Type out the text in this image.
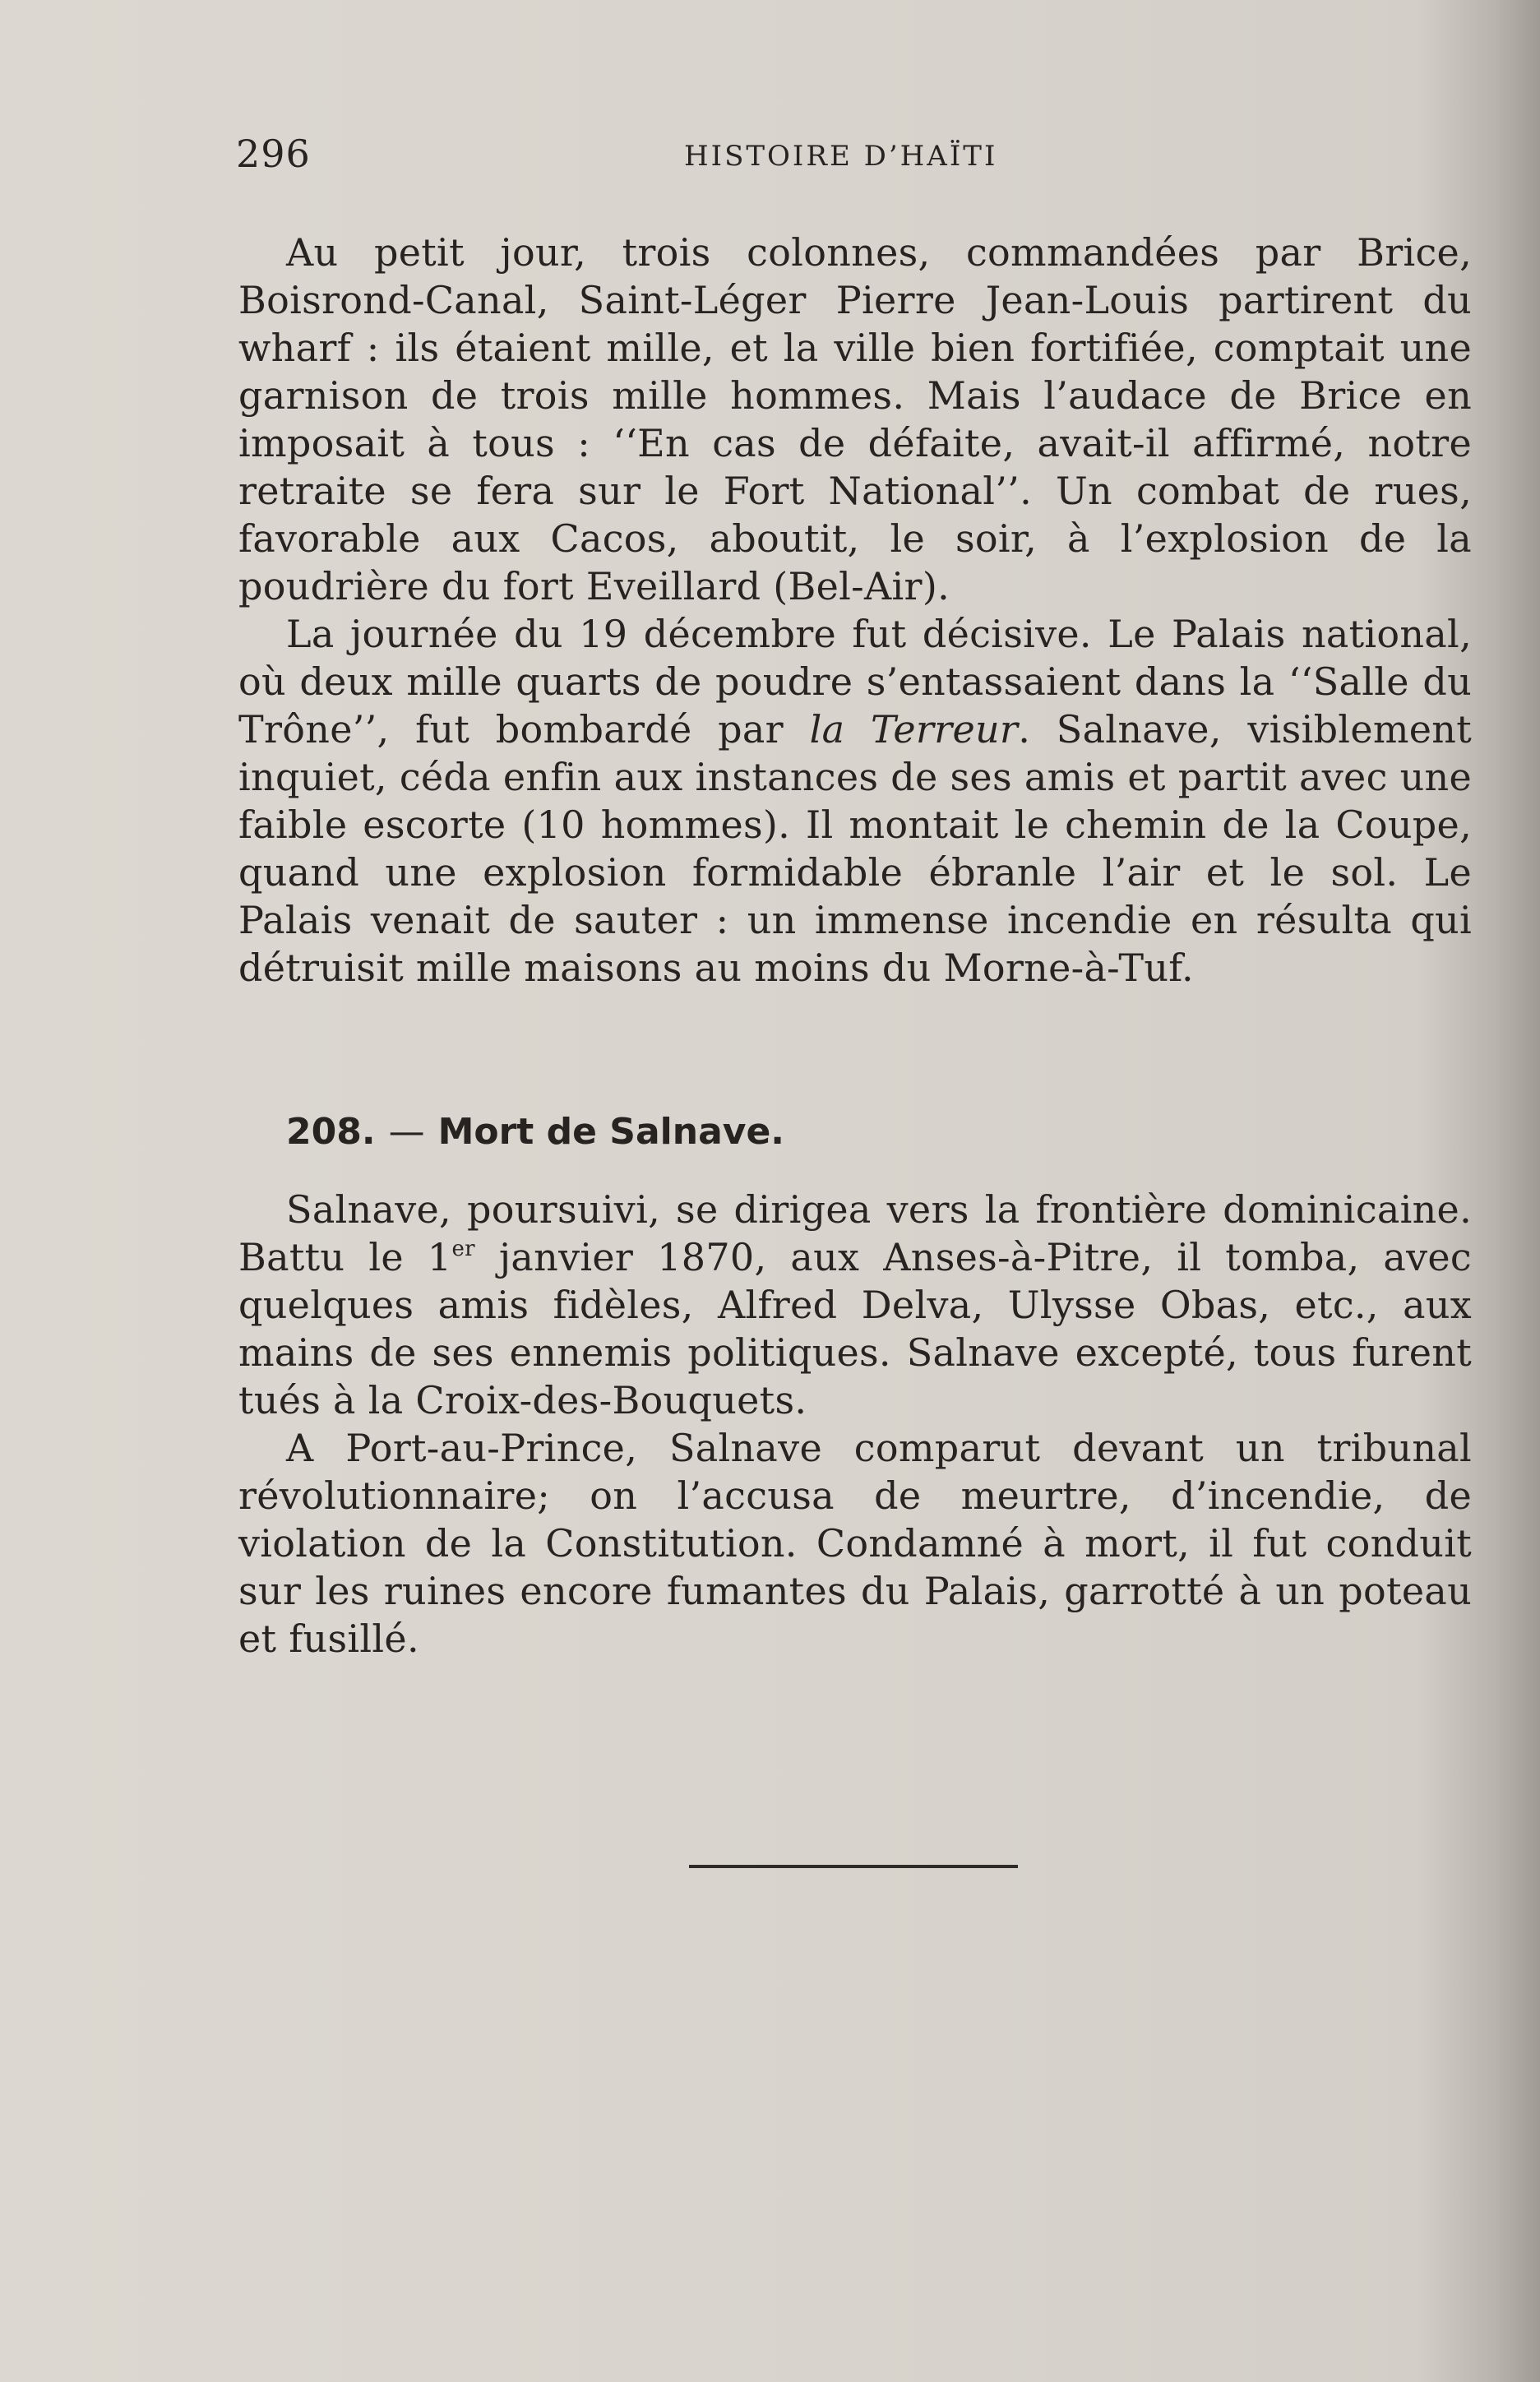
296	HISTOIRE D’HAÏTI

Au petit jour, trois colonnes, commandées par Brice, Boisrond-Canal, Saint-Léger Pierre Jean-Louis partirent du wharf : ils étaient mille, et la ville bien fortifiée, comptait une garnison de trois mille hommes. Mais l’audace de Brice en imposait à tous : ‘‘En cas de défaite, avait-il affirmé, notre retraite se fera sur le Fort National’’. Un combat de rues, favorable aux Cacos, aboutit, le soir, à l’explosion de la poudrière du fort Eveillard (Bel-Air).

La journée du 19 décembre fut décisive. Le Palais national, où deux mille quarts de poudre s’entassaient dans la ‘‘Salle du Trône’’, fut bombardé par la Terreur. Salnave, visiblement inquiet, céda enfin aux instances de ses amis et partit avec une faible escorte (10 hommes). Il montait le chemin de la Coupe, quand une explosion formidable ébranle l’air et le sol. Le Palais venait de sauter : un immense incendie en résulta qui détruisit mille maisons au moins du Morne-à-Tuf.

208. — Mort de Salnave.

Salnave, poursuivi, se dirigea vers la frontière dominicaine. Battu le 1er janvier 1870, aux Anses-à-Pitre, il tomba, avec quelques amis fidèles, Alfred Delva, Ulysse Obas, etc., aux mains de ses ennemis politiques. Salnave excepté, tous furent tués à la Croix-des-Bouquets.

A Port-au-Prince, Salnave comparut devant un tribunal révolutionnaire; on l’accusa de meurtre, d’incendie, de violation de la Constitution. Condamné à mort, il fut conduit sur les ruines encore fumantes du Palais, garrotté à un poteau et fusillé.
